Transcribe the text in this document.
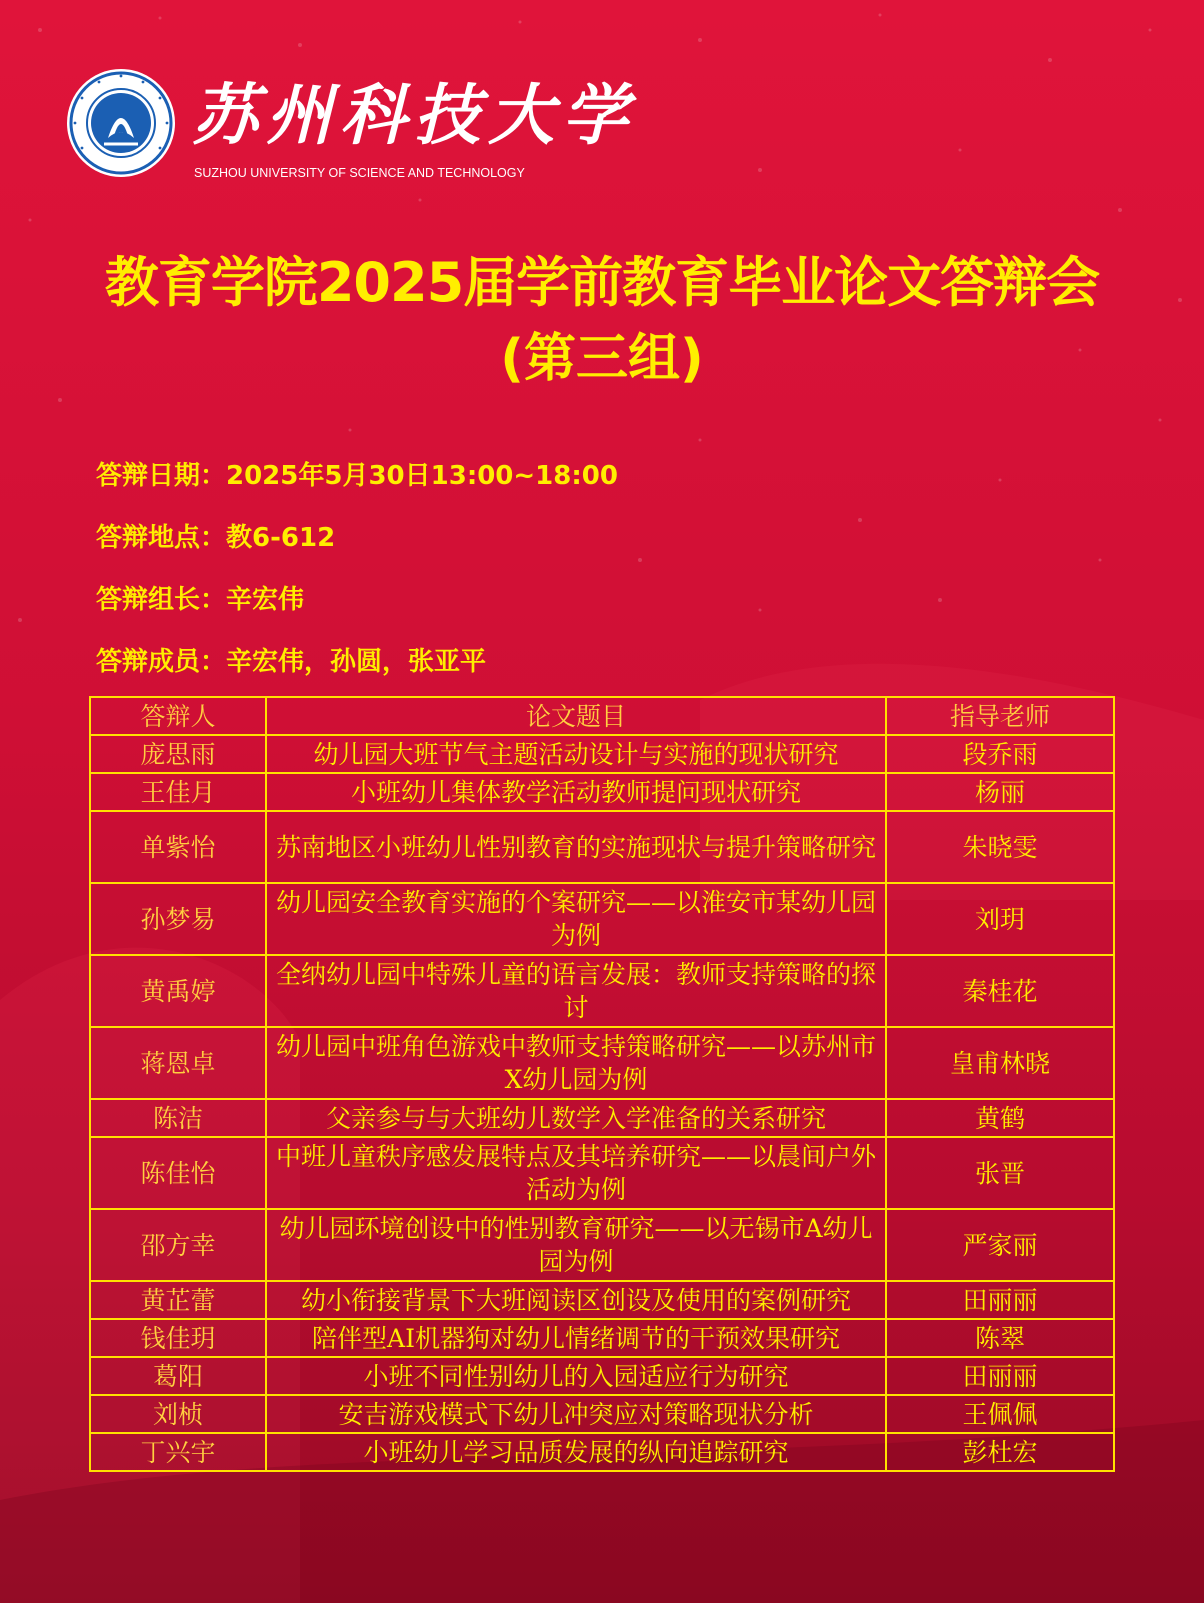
苏州科技大学
SUZHOU UNIVERSITY OF SCIENCE AND TECHNOLOGY
教育学院2025届学前教育毕业论文答辩会
(第三组)
答辩日期：2025年5月30日13:00~18:00
答辩地点：教6-612
答辩组长：辛宏伟
答辩成员：辛宏伟，孙圆，张亚平
答辩人	论文题目	指导老师
庞思雨	幼儿园大班节气主题活动设计与实施的现状研究	段乔雨
王佳月	小班幼儿集体教学活动教师提问现状研究	杨丽
单紫怡	苏南地区小班幼儿性别教育的实施现状与提升策略研究	朱晓雯
孙梦易	幼儿园安全教育实施的个案研究——以淮安市某幼儿园为例	刘玥
黄禹婷	全纳幼儿园中特殊儿童的语言发展：教师支持策略的探讨	秦桂花
蒋恩卓	幼儿园中班角色游戏中教师支持策略研究——以苏州市X幼儿园为例	皇甫林晓
陈洁	父亲参与与大班幼儿数学入学准备的关系研究	黄鹤
陈佳怡	中班儿童秩序感发展特点及其培养研究——以晨间户外活动为例	张晋
邵方幸	幼儿园环境创设中的性别教育研究——以无锡市A幼儿园为例	严家丽
黄芷蕾	幼小衔接背景下大班阅读区创设及使用的案例研究	田丽丽
钱佳玥	陪伴型AI机器狗对幼儿情绪调节的干预效果研究	陈翠
葛阳	小班不同性别幼儿的入园适应行为研究	田丽丽
刘桢	安吉游戏模式下幼儿冲突应对策略现状分析	王佩佩
丁兴宇	小班幼儿学习品质发展的纵向追踪研究	彭杜宏
